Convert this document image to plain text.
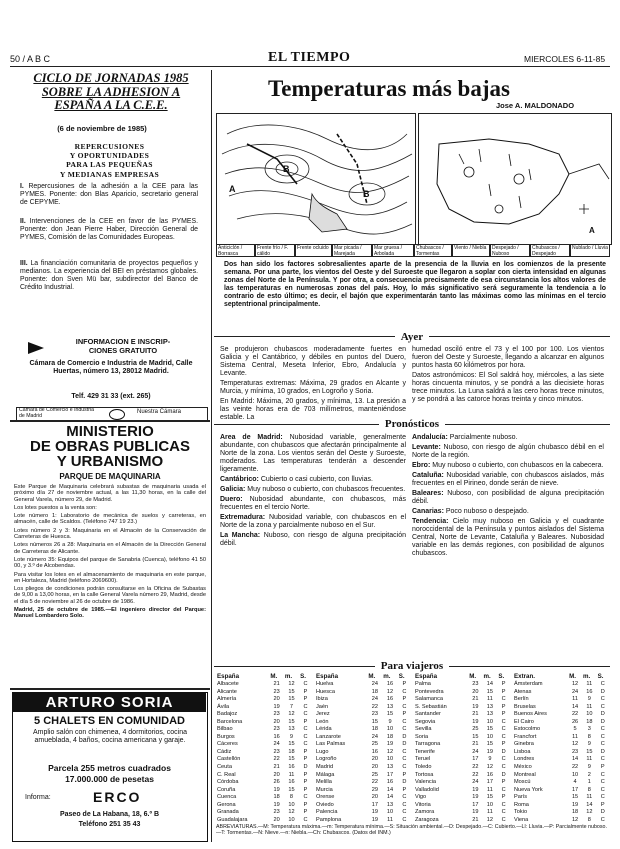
50 / A B C	EL TIEMPO	MIERCOLES 6-11-85
CICLO DE JORNADAS 1985
SOBRE LA ADHESION A
ESPAÑA A LA C.E.E.
(6 de noviembre de 1985)
REPERCUSIONES
Y OPORTUNIDADES
PARA LAS PEQUEÑAS
Y MEDIANAS EMPRESAS
I. Repercusiones de la adhesión a la CEE para las PYMES. Ponente: don Blas Aparicio, secretario general de CEPYME.
II. Intervenciones de la CEE en favor de las PYMES. Ponente: don Jean Pierre Haber, Dirección General de PYMES, Comisión de las Comunidades Europeas.
III. La financiación comunitaria de proyectos pequeños y medianos. La experiencia del BEI en préstamos globales. Ponente: don Sven Mü bar, subdirector del Banco de Crédito Industrial.
INFORMACION E INSCRIP-
CIONES GRATUITO
Cámara de Comercio e Industria de Madrid, Calle Huertas, número 13, 28012 Madrid.
Telf. 429 31 33 (ext. 265)
Cámara de Comercio e Industria de Madrid
Nuestra Cámara
MINISTERIO
DE OBRAS PUBLICAS
Y URBANISMO
PARQUE DE MAQUINARIA

Este Parque de Maquinaria celebrará subastas de maquinaria usada el próximo día 27 de noviembre actual, a las 11,30 horas, en la calle del General Varela, número 29, de Madrid.

Los lotes puestos a la venta son:

Lote número 1: Laboratorio de mecánica de suelos y carreteras, en almacén, calle de Scaldos. (Teléfono 747 19 23.)

Lotes número 2 y 3: Maquinaria en el Almacén de la Conservación de Carreteras de Huesca.

Lotes números 26 a 28: Maquinaria en el Almacén de la Dirección General de Carreteras de Alicante.

Lote número 35: Equipos del parque de Sanabria (Cuenca), teléfono 41 50 00, y 3.º de Alcobendas.

Para visitar los lotes en el almacenamiento de maquinaria en este parque, en Hortaleza, Madrid (teléfono 2069600).

Los pliegos de condiciones podrán consultarse en la Oficina de Subastas de 9,00 a 13,00 horas, en la calle General Varela número 29, Madrid, desde el día 5 de noviembre al 26 de octubre de 1986.

Madrid, 25 de octubre de 1985.—El ingeniero director del Parque: Manuel Lombardero Solo.

ARTURO SORIA
5 CHALETS EN COMUNIDAD
Amplio salón con chimenea, 4 dormitorios, cocina amueblada, 4 baños, cocina americana y garaje.
Parcela 255 metros cuadrados
17.000.000 de pesetas
Informa:	ERCO
Paseo de La Habana, 18, 6.º B
Teléfono 251 35 43
Temperaturas más bajas
Jose A. MALDONADO
A
B
B
A
Anticiclón / Borrasca
Frente frío / F. cálido
Frente ocluido	Mar picada / Marejada
Mar gruesa / Arbolada
Chubascos / Tormentas
Viento / Niebla	Despejado / Nuboso
Chubascos / Despejado
Nublado / Lluvia
Dos han sido los factores sobresalientes aparte de la presencia de la lluvia en los comienzos de la presente semana. Por una parte, los vientos del Oeste y del Suroeste que llegaron a soplar con cierta intensidad en algunas zonas del Norte de la Península. Y por otra, a consecuencia precisamente de esa circunstancia los altos valores de las temperaturas en numerosas zonas del país. Hoy, lo más significativo será seguramente la tendencia a lo contrario de esto último; es decir, el bajón que experimentarán tanto las máximas como las mínimas en el tercio septentrional principalmente.
Ayer

Se produjeron chubascos moderadamente fuertes en Galicia y el Cantábrico, y débiles en puntos del Duero, Sistema Central, Meseta Inferior, Ebro, Andalucía y Levante.

Temperaturas extremas: Máxima, 29 grados en Alcante y Murcia, y mínima, 10 grados, en Logroño y Soria.

En Madrid: Máxima, 20 grados, y mínima, 13. La presión a las veinte horas era de 703 milímetros, manteniéndose estable. La

humedad osciló entre el 73 y el 100 por 100. Los vientos fueron del Oeste y Suroeste, llegando a alcanzar en algunos puntos hasta 60 kilómetros por hora.

Datos astronómicos: El Sol saldrá hoy, miércoles, a las siete horas cincuenta minutos, y se pondrá a las diecisiete horas trece minutos. La Luna saldrá a las cero horas trece minutos, y se pondrá a las catorce horas treinta y cinco minutos.

Pronósticos

Area de Madrid: Nubosidad variable, generalmente abundante, con chubascos que afectarán principalmente al Norte de la zona. Los vientos serán del Oeste y Suroeste, moderados. Las temperaturas tenderán a descender ligeramente.

Cantábrico: Cubierto o casi cubierto, con lluvias.

Galicia: Muy nuboso o cubierto, con chubascos frecuentes.

Duero: Nubosidad abundante, con chubascos, más frecuentes en el tercio Norte.

Extremadura: Nubosidad variable, con chubascos en el Norte de la zona y parcialmente nuboso en el Sur.

La Mancha: Nuboso, con riesgo de alguna precipitación débil.

Andalucía: Parcialmente nuboso.

Levante: Nuboso, con riesgo de algún chubasco débil en el Norte de la región.

Ebro: Muy nuboso o cubierto, con chubascos en la cabecera.

Cataluña: Nubosidad variable, con chubascos aislados, más frecuentes en el Pirineo, donde serán de nieve.

Baleares: Nuboso, con posibilidad de alguna precipitación débil.

Canarias: Poco nuboso o despejado.

Tendencia: Cielo muy nuboso en Galicia y el cuadrante noroccidental de la Península y puntos aislados del Sistema Central, Norte de Levante, Cataluña y Baleares. Nubosidad variable en las demás regiones, con posibilidad de algunos chubascos.

Para viajeros
España	M.	m.	S.
Albacete	21	12	C
Alicante	23	15	P
Almería	20	15	P
Ávila	19	7	C
Badajoz	23	12	C
Barcelona	20	15	P
Bilbao	23	13	C
Burgos	16	9	C
Cáceres	24	15	C
Cádiz	23	18	P
Castellón	22	15	P
Ceuta	21	16	D
C. Real	20	11	P
Córdoba	26	16	P
Coruña	19	15	P
Cuenca	18	8	C
Gerona	19	10	P
Granada	23	12	P
Guadalajara	20	10	C
España	M.	m.	S.
Huelva	24	16	P
Huesca	18	12	C
Ibiza	24	16	P
Jaén	22	13	C
Jerez	23	15	P
León	15	9	C
Lérida	18	10	C
Lanzarote	24	18	D
Las Palmas	25	19	D
Lugo	16	12	C
Logroño	20	10	C
Madrid	20	13	C
Málaga	25	17	P
Melilla	22	16	D
Murcia	29	14	P
Orense	20	14	C
Oviedo	17	13	C
Palencia	19	10	C
Pamplona	19	11	C
España	M.	m.	S.
Palma	23	14	P
Pontevedra	20	15	P
Salamanca	21	11	C
S. Sebastián	19	13	P
Santander	21	13	P
Segovia	19	10	C
Sevilla	25	15	C
Soria	15	10	C
Tarragona	21	15	P
Tenerife	24	19	D
Teruel	17	9	C
Toledo	22	12	C
Tortosa	22	16	D
Valencia	24	17	P
Valladolid	19	11	C
Vigo	19	15	P
Vitoria	17	10	C
Zamora	19	11	C
Zaragoza	21	12	C
Extran.	M.	m.	S.
Ámsterdam	12	11	C
Atenas	24	16	D
Berlín	11	9	C
Bruselas	14	11	C
Buenos Aires	22	10	D
El Cairo	26	18	D
Estocolmo	5	3	C
Francfort	11	8	C
Ginebra	12	9	C
Lisboa	23	15	D
Londres	14	11	C
México	22	9	P
Montreal	10	2	C
Moscú	4	1	C
Nueva York	17	8	C
París	15	11	C
Roma	19	14	P
Tokio	18	12	D
Viena	12	8	C
ABREVIATURAS.—M: Temperatura máxima.—m: Temperatura mínima.—S: Situación ambiental.—D: Despejado.—C: Cubierto.—Ll: Lluvia.—P: Parcialmente nuboso.—T: Tormentas.—N: Nieve.—n: Niebla.—Ch: Chubascos. (Datos del INM.)
